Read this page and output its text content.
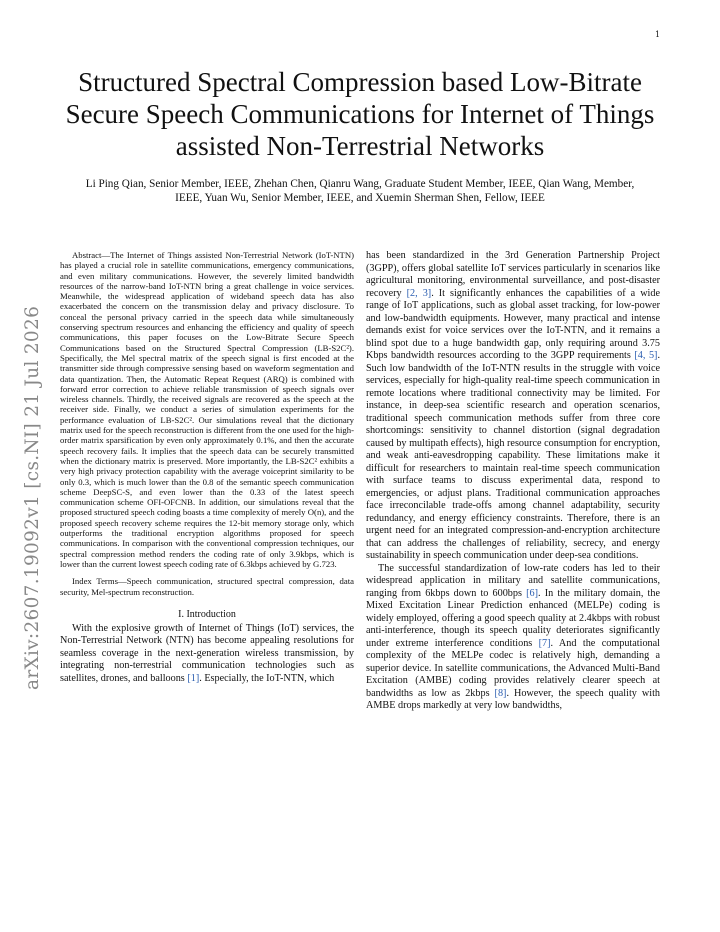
1
arXiv:2607.19092v1 [cs.NI] 21 Jul 2026
Structured Spectral Compression based Low-Bitrate Secure Speech Communications for Internet of Things assisted Non-Terrestrial Networks
Li Ping Qian, Senior Member, IEEE, Zhehan Chen, Qianru Wang, Graduate Student Member, IEEE, Qian Wang, Member, IEEE, Yuan Wu, Senior Member, IEEE, and Xuemin Sherman Shen, Fellow, IEEE

Abstract—The Internet of Things assisted Non-Terrestrial Network (IoT-NTN) has played a crucial role in satellite communications, emergency communications, and even military communications. However, the severely limited bandwidth resources of the narrow-band IoT-NTN bring a great challenge in voice services. Meanwhile, the widespread application of wideband speech data has also exacerbated the concern on the transmission delay and privacy disclosure. To conceal the personal privacy carried in the speech data while simultaneously conserving spectrum resources and enhancing the efficiency and quality of speech communications, this paper focuses on the Low-Bitrate Secure Speech Communications based on the Structured Spectral Compression (LB-S2C²). Specifically, the Mel spectral matrix of the speech signal is first encoded at the transmitter side through compressive sensing based on waveform segmentation and data quantization. Then, the Automatic Repeat Request (ARQ) is combined with forward error correction to achieve reliable transmission of speech signals over wireless channels. Thirdly, the received signals are recovered as the speech at the receiver side. Finally, we conduct a series of simulation experiments for the performance evaluation of LB-S2C². Our simulations reveal that the dictionary matrix used for the speech reconstruction is different from the one used for the high-order matrix sparsification by even only approximately 0.1%, and then the accurate speech recovery fails. It implies that the speech data can be securely transmitted when the dictionary matrix is preserved. More importantly, the LB-S2C² exhibits a very high privacy protection capability with the average voiceprint similarity to be only 0.3, which is much lower than the 0.8 of the semantic speech communication scheme DeepSC-S, and even lower than the 0.33 of the latest speech communication scheme OFI-OFCNB. In addition, our simulations reveal that the proposed structured speech coding boasts a time complexity of merely O(n), and the proposed speech recovery scheme requires the 12-bit memory storage only, which outperforms the traditional encryption algorithms proposed for speech communications. In comparison with the conventional compression techniques, our spectral compression method renders the coding rate of only 3.9kbps, which is lower than the current lowest speech coding rate of 6.3kbps achieved by G.723.

Index Terms—Speech communication, structured spectral compression, data security, Mel-spectrum reconstruction.

I. Introduction

With the explosive growth of Internet of Things (IoT) services, the Non-Terrestrial Network (NTN) has become appealing resolutions for seamless coverage in the next-generation wireless transmission, by integrating non-terrestrial communication technologies such as satellites, drones, and balloons [1]. Especially, the IoT-NTN, which

has been standardized in the 3rd Generation Partnership Project (3GPP), offers global satellite IoT services particularly in scenarios like agricultural monitoring, environmental surveillance, and post-disaster recovery [2, 3]. It significantly enhances the capabilities of a wide range of IoT applications, such as global asset tracking, for low-power and low-bandwidth equipments. However, many practical and intense demands exist for voice services over the IoT-NTN, and it remains a blind spot due to a huge bandwidth gap, only requiring around 3.75 Kbps bandwidth resources according to the 3GPP requirements [4, 5]. Such low bandwidth of the IoT-NTN results in the struggle with voice services, especially for high-quality real-time speech communication in remote locations where traditional connectivity may be limited. For instance, in deep-sea scientific research and operation scenarios, traditional speech communication methods suffer from three core shortcomings: sensitivity to channel distortion (signal degradation caused by multipath effects), high resource consumption for encryption, and weak anti-eavesdropping capability. These limitations make it difficult for researchers to maintain real-time speech communication with surface teams to discuss experimental data, respond to emergencies, or adjust plans. Traditional communication approaches face irreconcilable trade-offs among channel adaptability, security redundancy, and energy efficiency constraints. Therefore, there is an urgent need for an integrated compression-and-encryption architecture that can address the challenges of reliability, secrecy, and energy sustainability in speech communication under deep-sea conditions.

The successful standardization of low-rate coders has led to their widespread application in military and satellite communications, ranging from 6kbps down to 600bps [6]. In the military domain, the Mixed Excitation Linear Prediction enhanced (MELPe) coding is widely employed, offering a good speech quality at 2.4kbps with robust anti-interference, though its speech quality deteriorates significantly under extreme interference conditions [7]. And the computational complexity of the MELPe codec is relatively high, demanding a superior device. In satellite communications, the Advanced Multi-Band Excitation (AMBE) coding provides relatively clearer speech at bandwidths as low as 2kbps [8]. However, the speech quality with AMBE drops markedly at very low bandwidths,
